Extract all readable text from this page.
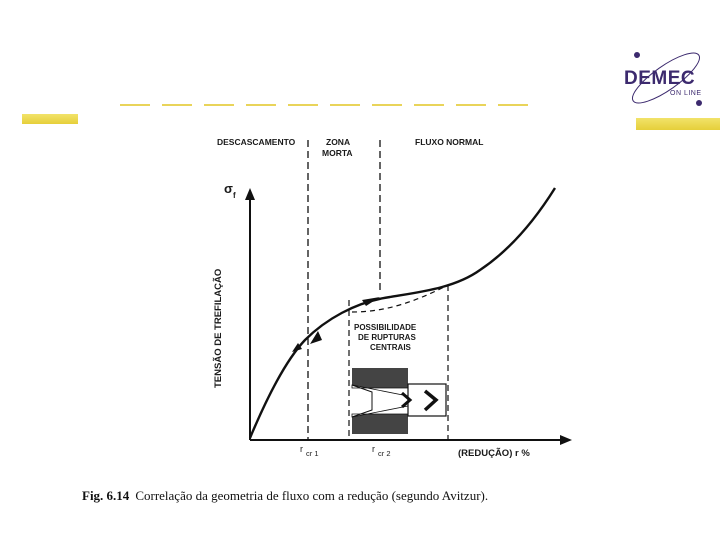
DEMEC
ON LINE
DESCASCAMENTO	ZONA
MORTA
FLUXO NORMAL
σ f
TENSÃO DE TREFILAÇÃO
r cr 1	r cr 2	(REDUÇÃO) r %
POSSIBILIDADE
DE RUPTURAS
CENTRAIS
Fig. 6.14 Correlação da geometria de fluxo com a redução (segundo Avitzur).
